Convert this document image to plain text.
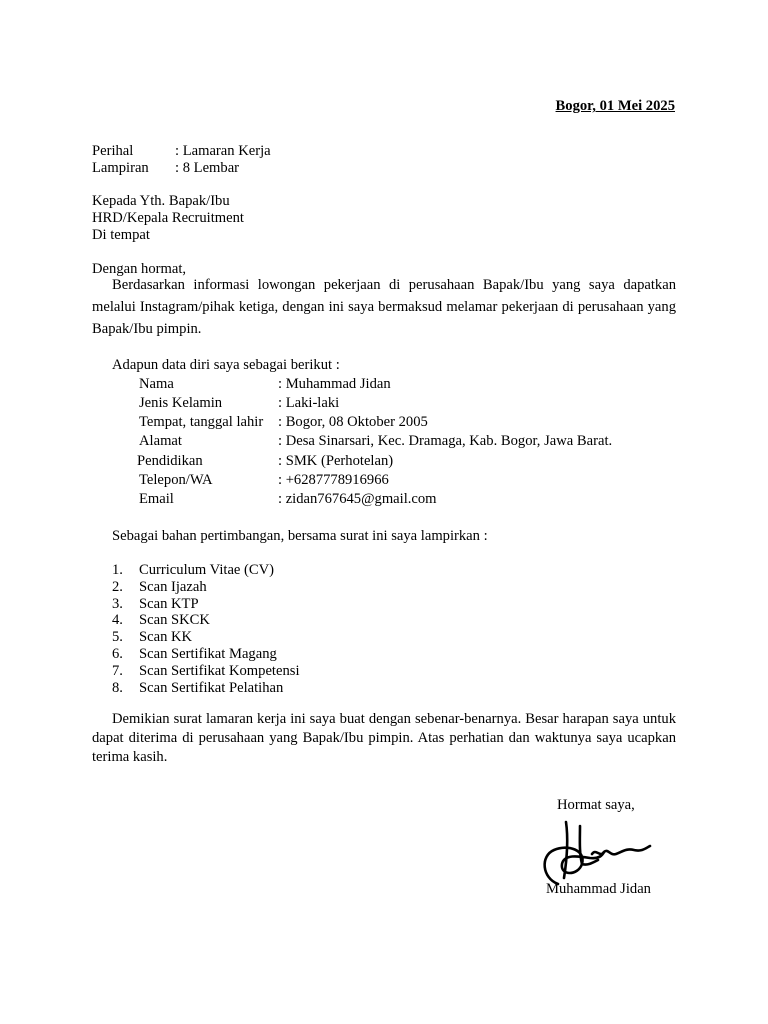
Bogor, 01 Mei 2025
Perihal	: Lamaran Kerja
Lampiran : 8 Lembar
Kepada Yth. Bapak/Ibu
HRD/Kepala Recruitment
Di tempat
Dengan hormat,
Berdasarkan informasi lowongan pekerjaan di perusahaan Bapak/Ibu yang saya dapatkan melalui Instagram/pihak ketiga, dengan ini saya bermaksud melamar pekerjaan di perusahaan yang Bapak/Ibu pimpin.
Adapun data diri saya sebagai berikut :
Nama	: Muhammad Jidan
Jenis Kelamin	: Laki-laki
Tempat, tanggal lahir : Bogor, 08 Oktober 2005
Alamat	: Desa Sinarsari, Kec. Dramaga, Kab. Bogor, Jawa Barat.
Pendidikan	: SMK (Perhotelan)
Telepon/WA	: +6287778916966
Email	: zidan767645@gmail.com
Sebagai bahan pertimbangan, bersama surat ini saya lampirkan :
1. Curriculum Vitae (CV)
2. Scan Ijazah
3. Scan KTP
4. Scan SKCK
5. Scan KK
6. Scan Sertifikat Magang
7. Scan Sertifikat Kompetensi
8. Scan Sertifikat Pelatihan
Demikian surat lamaran kerja ini saya buat dengan sebenar-benarnya. Besar harapan saya untuk dapat diterima di perusahaan yang Bapak/Ibu pimpin. Atas perhatian dan waktunya saya ucapkan terima kasih.
Hormat saya,
Muhammad Jidan
